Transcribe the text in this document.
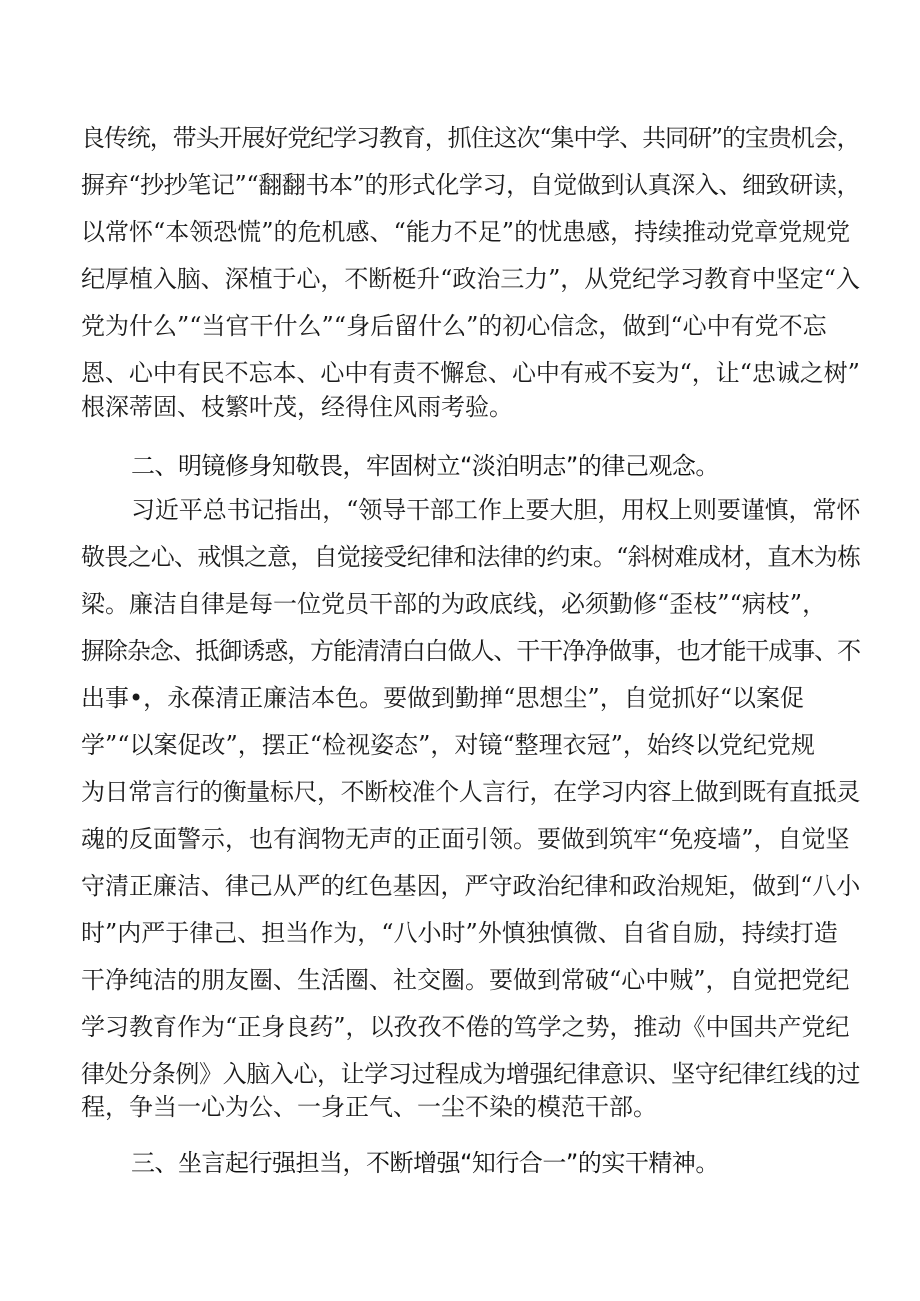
良传统，带头开展好党纪学习教育，抓住这次“集中学、共同研”的宝贵机会，
摒弃“抄抄笔记”“翻翻书本”的形式化学习，自觉做到认真深入、细致研读，
以常怀“本领恐慌”的危机感、“能力不足”的忧患感，持续推动党章党规党
纪厚植入脑、深植于心，不断梃升“政治三力”，从党纪学习教育中坚定“入
党为什么”“当官干什么”“身后留什么”的初心信念，做到“心中有党不忘
恩、心中有民不忘本、心中有责不懈怠、心中有戒不妄为“，让“忠诚之树”
根深蒂固、枝繁叶茂，经得住风雨考验。
二、明镜修身知敬畏，牢固树立“淡泊明志”的律己观念。
习近平总书记指出，“领导干部工作上要大胆，用权上则要谨慎，常怀
敬畏之心、戒惧之意，自觉接受纪律和法律的约束。“斜树难成材，直木为栋
梁。廉洁自律是每一位党员干部的为政底线，必须勤修“歪枝”“病枝”，
摒除杂念、抵御诱惑，方能清清白白做人、干干净净做事，也才能干成事、不
出事•，永葆清正廉洁本色。要做到勤掸“思想尘”，自觉抓好“以案促
学”“以案促改”，摆正“检视姿态”，对镜“整理衣冠”，始终以党纪党规
为日常言行的衡量标尺，不断校准个人言行，在学习内容上做到既有直抵灵
魂的反面警示，也有润物无声的正面引领。要做到筑牢“免疫墙”，自觉坚
守清正廉洁、律己从严的红色基因，严守政治纪律和政治规矩，做到“八小
时”内严于律己、担当作为，“八小时”外慎独慎微、自省自励，持续打造
干净纯洁的朋友圈、生活圈、社交圈。要做到常破“心中贼”，自觉把党纪
学习教育作为“正身良药”，以孜孜不倦的笃学之势，推动《中国共产党纪
律处分条例》入脑入心，让学习过程成为增强纪律意识、坚守纪律红线的过
程，争当一心为公、一身正气、一尘不染的模范干部。
三、坐言起行强担当，不断增强“知行合一”的实干精神。
